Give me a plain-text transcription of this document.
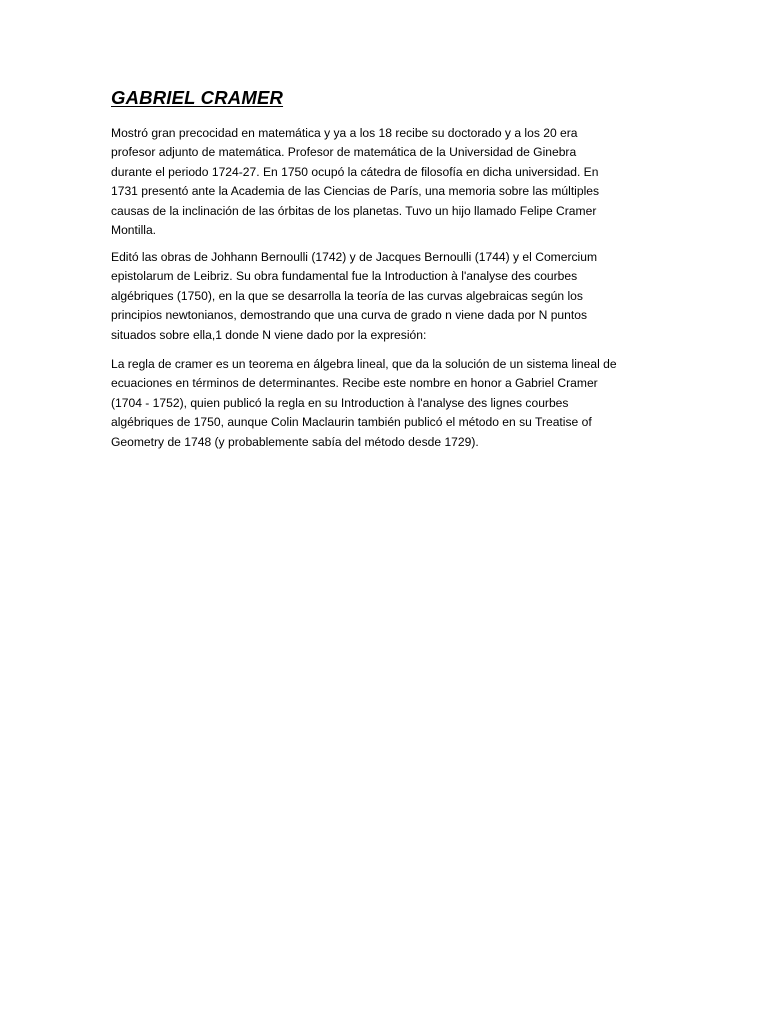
GABRIEL CRAMER

Mostró gran precocidad en matemática y ya a los 18 recibe su doctorado y a los 20 era
profesor adjunto de matemática. Profesor de matemática de la Universidad de Ginebra
durante el periodo 1724-27. En 1750 ocupó la cátedra de filosofía en dicha universidad. En
1731 presentó ante la Academia de las Ciencias de París, una memoria sobre las múltiples
causas de la inclinación de las órbitas de los planetas. Tuvo un hijo llamado Felipe Cramer
Montilla.

Editó las obras de Johhann Bernoulli (1742) y de Jacques Bernoulli (1744) y el Comercium
epistolarum de Leibriz. Su obra fundamental fue la Introduction à l'analyse des courbes
algébriques (1750), en la que se desarrolla la teoría de las curvas algebraicas según los
principios newtonianos, demostrando que una curva de grado n viene dada por N puntos
situados sobre ella,1 donde N viene dado por la expresión:

La regla de cramer es un teorema en álgebra lineal, que da la solución de un sistema lineal de
ecuaciones en términos de determinantes. Recibe este nombre en honor a Gabriel Cramer
(1704 - 1752), quien publicó la regla en su Introduction à l'analyse des lignes courbes
algébriques de 1750, aunque Colin Maclaurin también publicó el método en su Treatise of
Geometry de 1748 (y probablemente sabía del método desde 1729).
